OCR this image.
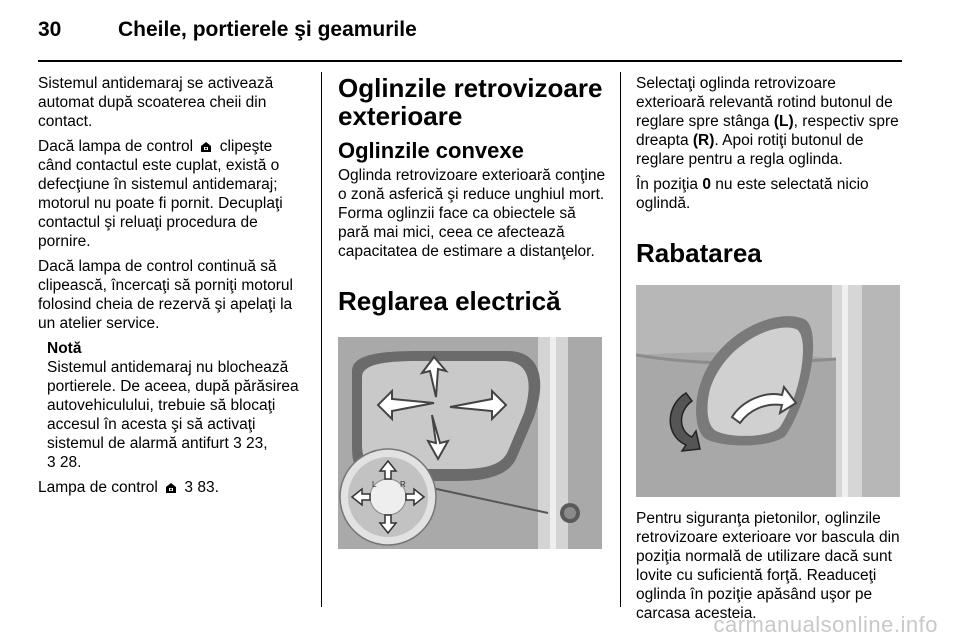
30	Cheile, portierele şi geamurile

Sistemul antidemaraj se activează automat după scoaterea cheii din contact.

Dacă lampa de control clipeşte când contactul este cuplat, există o defecţiune în sistemul antidemaraj; motorul nu poate fi pornit. Decuplaţi contactul şi reluaţi procedura de pornire.

Dacă lampa de control continuă să clipească, încercaţi să porniţi motorul folosind cheia de rezervă şi apelaţi la un atelier service.

Notă
Sistemul antidemaraj nu blochează portierele. De aceea, după părăsirea autovehiculului, trebuie să blocaţi accesul în acesta şi să activaţi sistemul de alarmă antifurt 3 23,
3 28.

Lampa de control 3 83.

Oglinzile retrovizoare exterioare
Oglinzile convexe

Oglinda retrovizoare exterioară conţine o zonă asferică şi reduce unghiul mort. Forma oglinzii face ca obiectele să pară mai mici, ceea ce afectează capacitatea de estimare a distanţelor.

Reglarea electrică
L	R

Selectaţi oglinda retrovizoare exterioară relevantă rotind butonul de reglare spre stânga (L), respectiv spre dreapta (R). Apoi rotiţi butonul de reglare pentru a regla oglinda.

În poziţia 0 nu este selectată nicio oglindă.

Rabatarea

Pentru siguranţa pietonilor, oglinzile retrovizoare exterioare vor bascula din poziţia normală de utilizare dacă sunt lovite cu suficientă forţă. Readuceţi oglinda în poziţie apăsând uşor pe carcasa acesteia.

carmanualsonline.info
